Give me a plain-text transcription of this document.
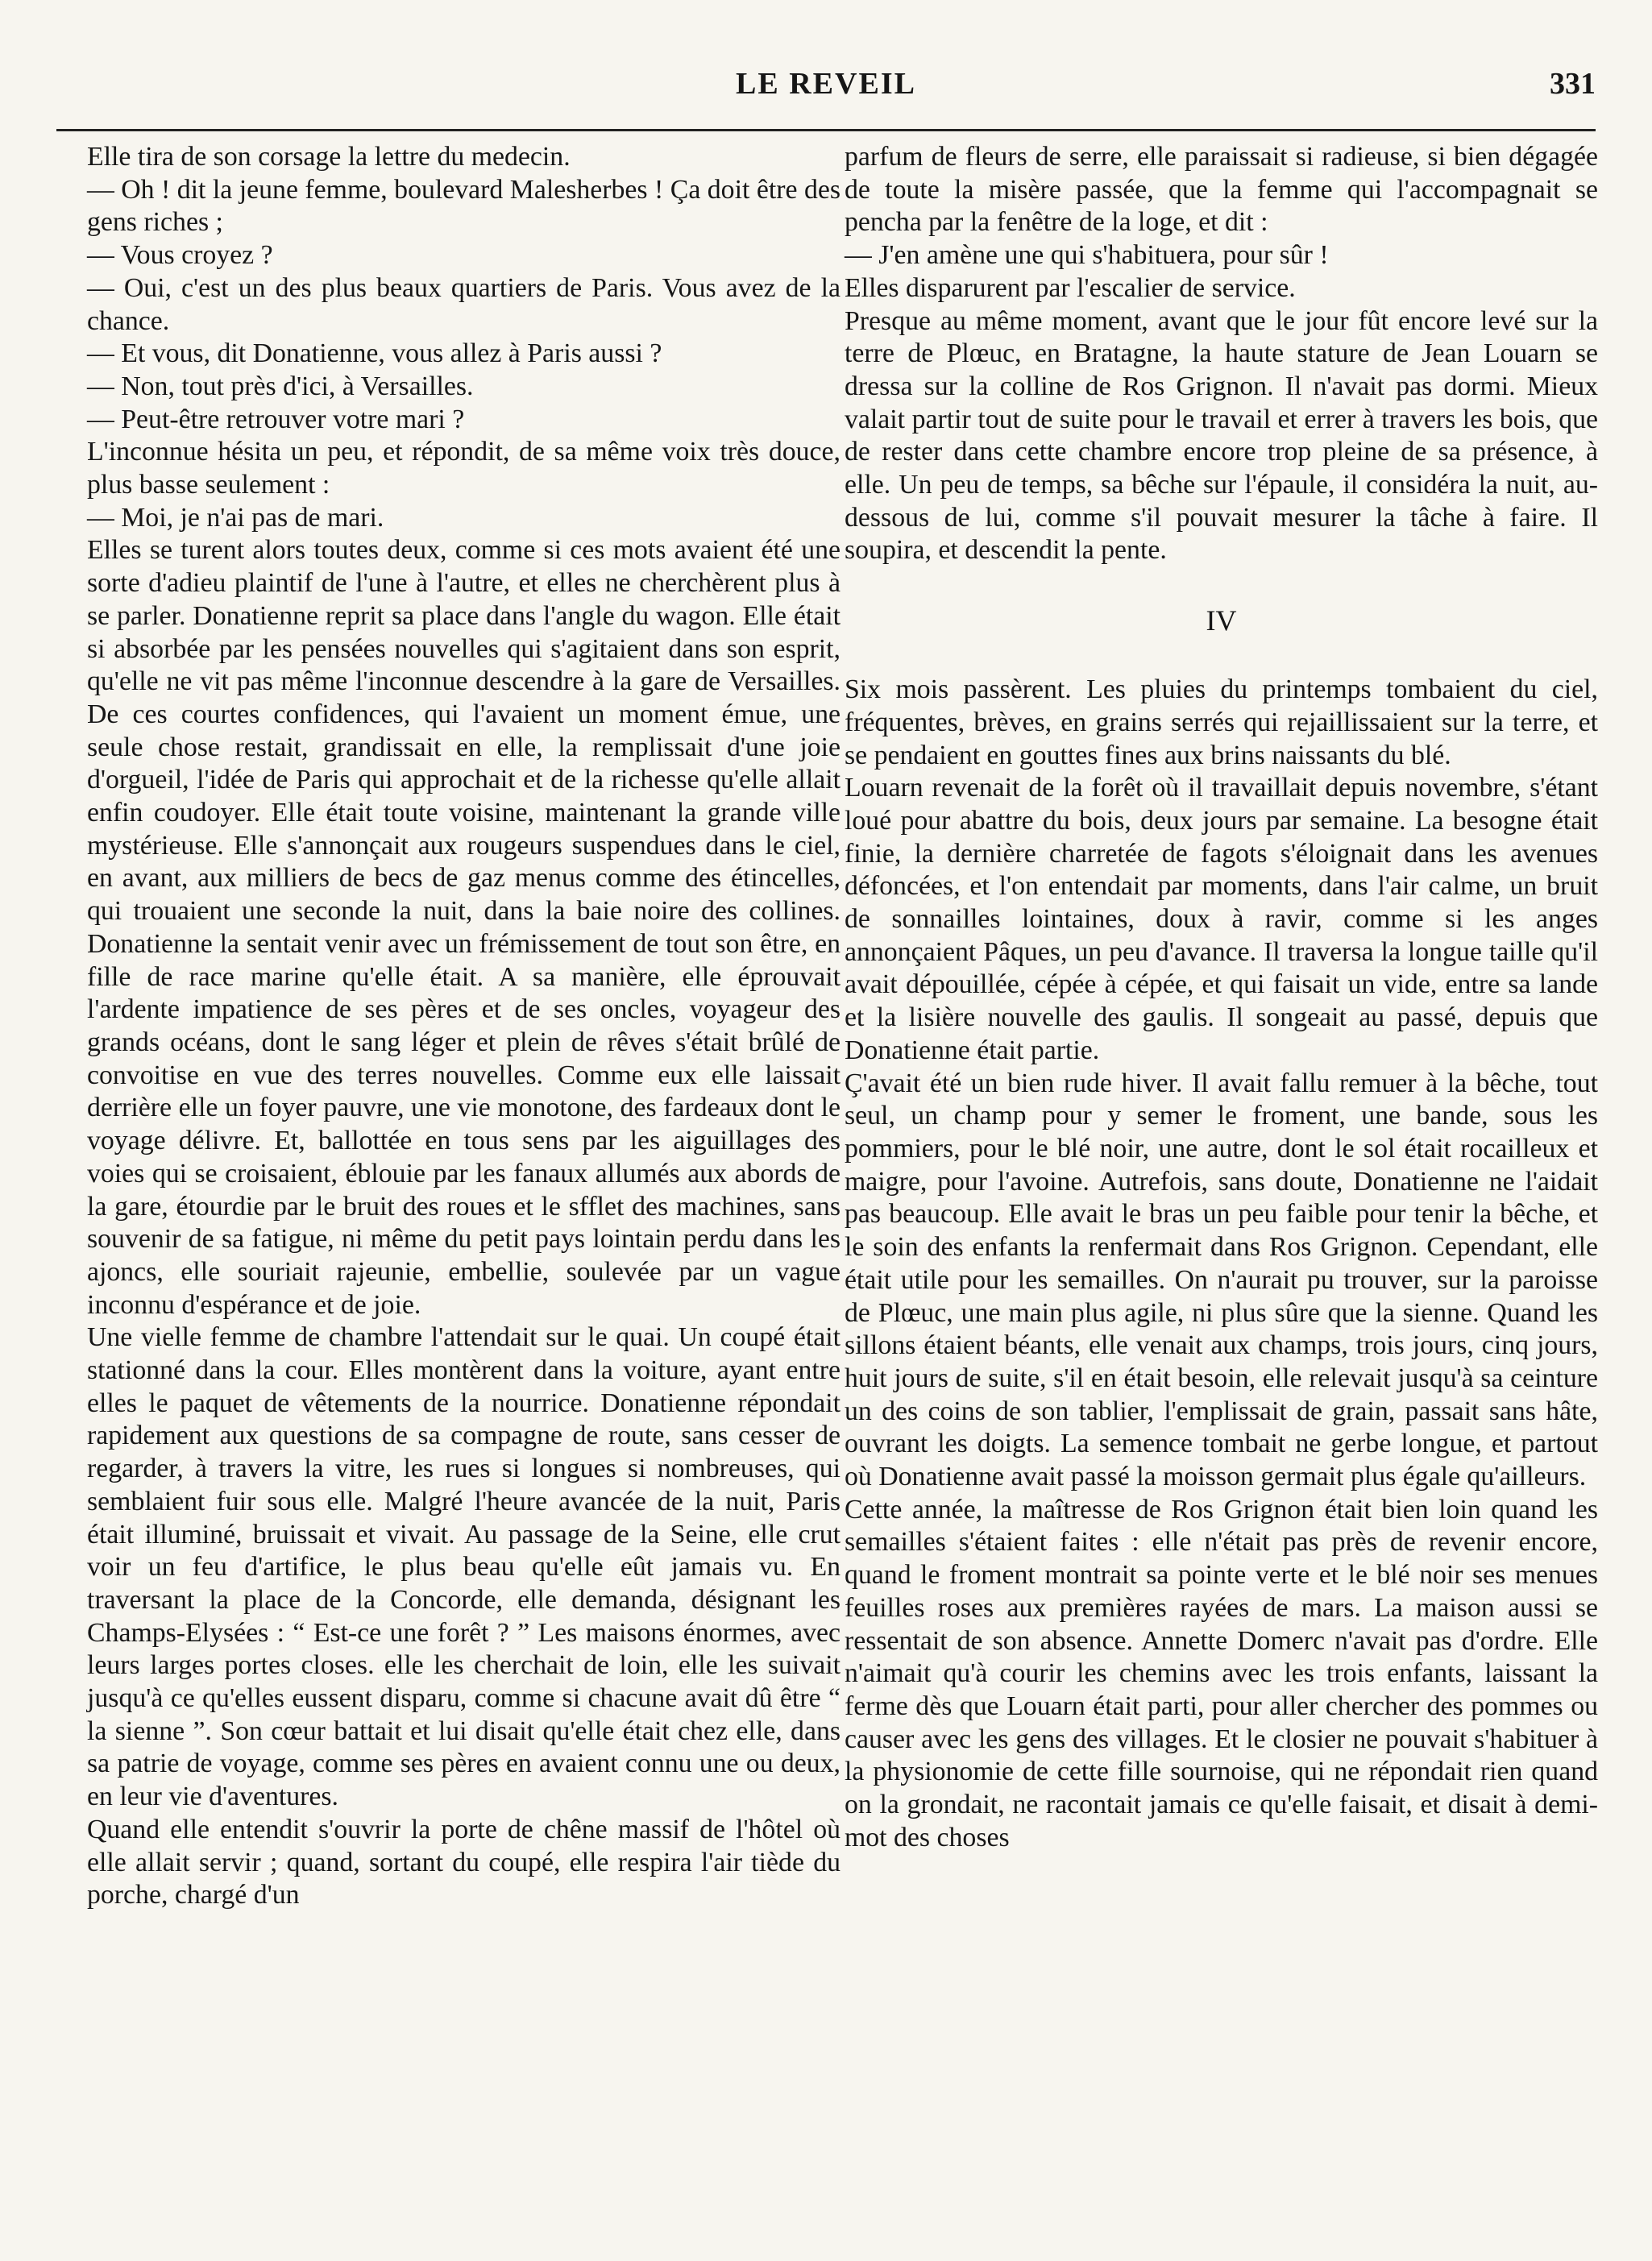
LE REVEIL	331

Elle tira de son corsage la lettre du medecin.

— Oh ! dit la jeune femme, boulevard Malesherbes ! Ça doit être des gens riches ;

— Vous croyez ?

— Oui, c'est un des plus beaux quartiers de Paris. Vous avez de la chance.

— Et vous, dit Donatienne, vous allez à Paris aussi ?

— Non, tout près d'ici, à Versailles.

— Peut-être retrouver votre mari ?

L'inconnue hésita un peu, et répondit, de sa même voix très douce, plus basse seulement :

— Moi, je n'ai pas de mari.

Elles se turent alors toutes deux, comme si ces mots avaient été une sorte d'adieu plaintif de l'une à l'autre, et elles ne cherchèrent plus à se parler. Donatienne reprit sa place dans l'angle du wagon. Elle était si absorbée par les pensées nouvelles qui s'agitaient dans son esprit, qu'elle ne vit pas même l'inconnue descendre à la gare de Versailles. De ces courtes confidences, qui l'avaient un moment émue, une seule chose restait, grandissait en elle, la remplissait d'une joie d'orgueil, l'idée de Paris qui approchait et de la richesse qu'elle allait enfin coudoyer. Elle était toute voisine, maintenant la grande ville mystérieuse. Elle s'annonçait aux rougeurs suspendues dans le ciel, en avant, aux milliers de becs de gaz menus comme des étincelles, qui trouaient une seconde la nuit, dans la baie noire des collines. Donatienne la sentait venir avec un frémissement de tout son être, en fille de race marine qu'elle était. A sa manière, elle éprouvait l'ardente impatience de ses pères et de ses oncles, voyageur des grands océans, dont le sang léger et plein de rêves s'était brûlé de convoitise en vue des terres nouvelles. Comme eux elle laissait derrière elle un foyer pauvre, une vie monotone, des fardeaux dont le voyage délivre. Et, ballottée en tous sens par les aiguillages des voies qui se croisaient, éblouie par les fanaux allumés aux abords de la gare, étourdie par le bruit des roues et le sfflet des machines, sans souvenir de sa fatigue, ni même du petit pays lointain perdu dans les ajoncs, elle souriait rajeunie, embellie, soulevée par un vague inconnu d'espérance et de joie.

Une vielle femme de chambre l'attendait sur le quai. Un coupé était stationné dans la cour. Elles montèrent dans la voiture, ayant entre elles le paquet de vêtements de la nourrice. Donatienne répondait rapidement aux questions de sa compagne de route, sans cesser de regarder, à travers la vitre, les rues si longues si nombreuses, qui semblaient fuir sous elle. Malgré l'heure avancée de la nuit, Paris était illuminé, bruissait et vivait. Au passage de la Seine, elle crut voir un feu d'artifice, le plus beau qu'elle eût jamais vu. En traversant la place de la Concorde, elle demanda, désignant les Champs-Elysées : “ Est-ce une forêt ? ” Les maisons énormes, avec leurs larges portes closes. elle les cherchait de loin, elle les suivait jusqu'à ce qu'elles eussent disparu, comme si chacune avait dû être “ la sienne ”. Son cœur battait et lui disait qu'elle était chez elle, dans sa patrie de voyage, comme ses pères en avaient connu une ou deux, en leur vie d'aventures.

Quand elle entendit s'ouvrir la porte de chêne massif de l'hôtel où elle allait servir ; quand, sortant du coupé, elle respira l'air tiède du porche, chargé d'un

parfum de fleurs de serre, elle paraissait si radieuse, si bien dégagée de toute la misère passée, que la femme qui l'accompagnait se pencha par la fenêtre de la loge, et dit :

— J'en amène une qui s'habituera, pour sûr !

Elles disparurent par l'escalier de service.

Presque au même moment, avant que le jour fût encore levé sur la terre de Plœuc, en Bratagne, la haute stature de Jean Louarn se dressa sur la colline de Ros Grignon. Il n'avait pas dormi. Mieux valait partir tout de suite pour le travail et errer à travers les bois, que de rester dans cette chambre encore trop pleine de sa présence, à elle. Un peu de temps, sa bêche sur l'épaule, il considéra la nuit, au-dessous de lui, comme s'il pouvait mesurer la tâche à faire. Il soupira, et descendit la pente.

IV

Six mois passèrent. Les pluies du printemps tombaient du ciel, fréquentes, brèves, en grains serrés qui rejaillissaient sur la terre, et se pendaient en gouttes fines aux brins naissants du blé.

Louarn revenait de la forêt où il travaillait depuis novembre, s'étant loué pour abattre du bois, deux jours par semaine. La besogne était finie, la dernière charretée de fagots s'éloignait dans les avenues défoncées, et l'on entendait par moments, dans l'air calme, un bruit de sonnailles lointaines, doux à ravir, comme si les anges annonçaient Pâques, un peu d'avance. Il traversa la longue taille qu'il avait dépouillée, cépée à cépée, et qui faisait un vide, entre sa lande et la lisière nouvelle des gaulis. Il songeait au passé, depuis que Donatienne était partie.

Ç'avait été un bien rude hiver. Il avait fallu remuer à la bêche, tout seul, un champ pour y semer le froment, une bande, sous les pommiers, pour le blé noir, une autre, dont le sol était rocailleux et maigre, pour l'avoine. Autrefois, sans doute, Donatienne ne l'aidait pas beaucoup. Elle avait le bras un peu faible pour tenir la bêche, et le soin des enfants la renfermait dans Ros Grignon. Cependant, elle était utile pour les semailles. On n'aurait pu trouver, sur la paroisse de Plœuc, une main plus agile, ni plus sûre que la sienne. Quand les sillons étaient béants, elle venait aux champs, trois jours, cinq jours, huit jours de suite, s'il en était besoin, elle relevait jusqu'à sa ceinture un des coins de son tablier, l'emplissait de grain, passait sans hâte, ouvrant les doigts. La semence tombait ne gerbe longue, et partout où Donatienne avait passé la moisson germait plus égale qu'ailleurs.

Cette année, la maîtresse de Ros Grignon était bien loin quand les semailles s'étaient faites : elle n'était pas près de revenir encore, quand le froment montrait sa pointe verte et le blé noir ses menues feuilles roses aux premières rayées de mars. La maison aussi se ressentait de son absence. Annette Domerc n'avait pas d'ordre. Elle n'aimait qu'à courir les chemins avec les trois enfants, laissant la ferme dès que Louarn était parti, pour aller chercher des pommes ou causer avec les gens des villages. Et le closier ne pouvait s'habituer à la physionomie de cette fille sournoise, qui ne répondait rien quand on la grondait, ne racontait jamais ce qu'elle faisait, et disait à demi-mot des choses
